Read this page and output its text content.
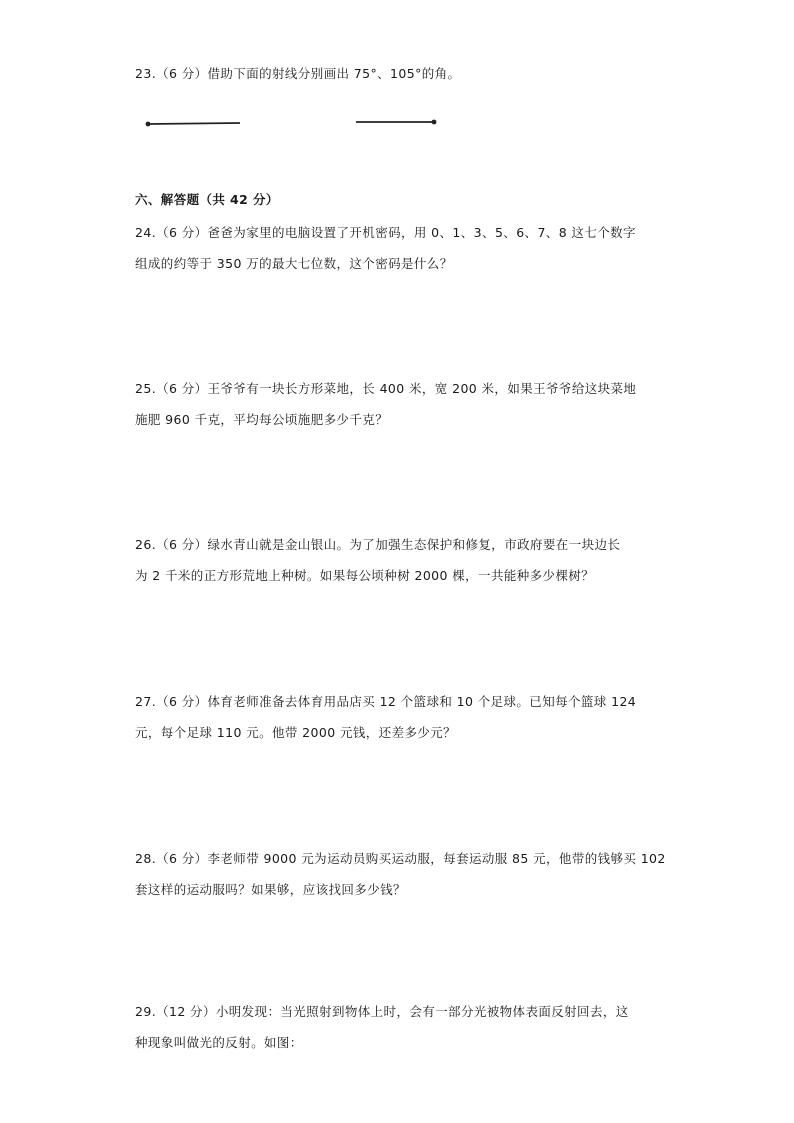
23.（6 分）借助下面的射线分别画出 75°、105°的角。
六、解答题（共 42 分）
24.（6 分）爸爸为家里的电脑设置了开机密码，用 0、1、3、5、6、7、8 这七个数字
组成的约等于 350 万的最大七位数，这个密码是什么？
25.（6 分）王爷爷有一块长方形菜地，长 400 米，宽 200 米，如果王爷爷给这块菜地
施肥 960 千克，平均每公顷施肥多少千克？
26.（6 分）绿水青山就是金山银山。为了加强生态保护和修复，市政府要在一块边长
为 2 千米的正方形荒地上种树。如果每公顷种树 2000 棵，一共能种多少棵树？
27.（6 分）体育老师准备去体育用品店买 12 个篮球和 10 个足球。已知每个篮球 124
元，每个足球 110 元。他带 2000 元钱，还差多少元？
28.（6 分）李老师带 9000 元为运动员购买运动服，每套运动服 85 元，他带的钱够买 102
套这样的运动服吗？如果够，应该找回多少钱？
29.（12 分）小明发现：当光照射到物体上时，会有一部分光被物体表面反射回去，这
种现象叫做光的反射。如图：
